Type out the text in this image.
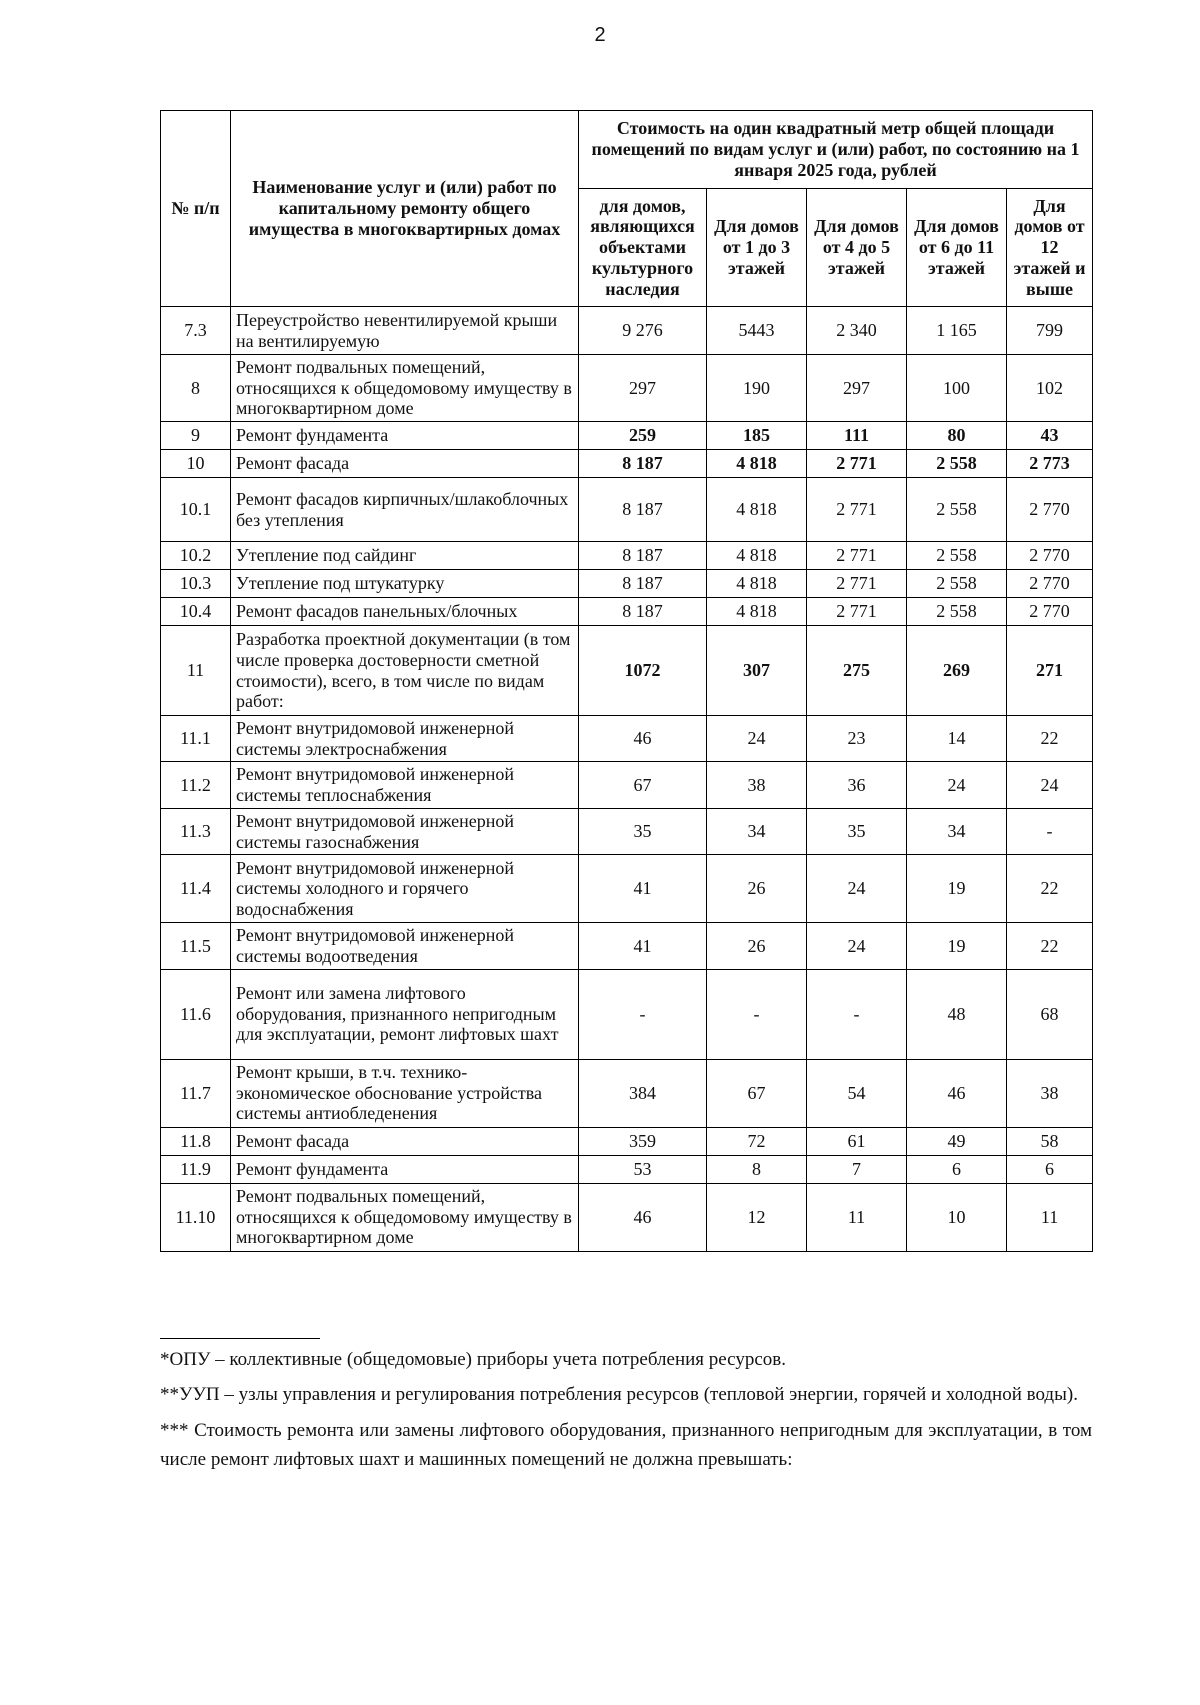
2
№ п/п	Наименование услуг и (или) работ по капитальному ремонту общего имущества в многоквартирных домах	Стоимость на один квадратный метр общей площади помещений по видам услуг и (или) работ, по состоянию на 1 января 2025 года, рублей				
		для домов, являющихся объектами культурного наследия	Для домов от 1 до 3 этажей	Для домов от 4 до 5 этажей	Для домов от 6 до 11 этажей	Для домов от 12 этажей и выше
7.3	Переустройство невентилируемой крыши на вентилируемую	9 276	5443	2 340	1 165	799
8	Ремонт подвальных помещений, относящихся к общедомовому имуществу в многоквартирном доме	297	190	297	100	102
9	Ремонт фундамента	259	185	111	80	43
10	Ремонт фасада	8 187	4 818	2 771	2 558	2 773
10.1	Ремонт фасадов кирпичных/шлакоблочных без утепления	8 187	4 818	2 771	2 558	2 770
10.2	Утепление под сайдинг	8 187	4 818	2 771	2 558	2 770
10.3	Утепление под штукатурку	8 187	4 818	2 771	2 558	2 770
10.4	Ремонт фасадов панельных/блочных	8 187	4 818	2 771	2 558	2 770
11	Разработка проектной документации (в том числе проверка достоверности сметной стоимости), всего, в том числе по видам работ:	1072	307	275	269	271
11.1	Ремонт внутридомовой инженерной системы электроснабжения	46	24	23	14	22
11.2	Ремонт внутридомовой инженерной системы теплоснабжения	67	38	36	24	24
11.3	Ремонт внутридомовой инженерной системы газоснабжения	35	34	35	34	-
11.4	Ремонт внутридомовой инженерной системы холодного и горячего водоснабжения	41	26	24	19	22
11.5	Ремонт внутридомовой инженерной системы водоотведения	41	26	24	19	22
11.6	Ремонт или замена лифтового оборудования, признанного непригодным для эксплуатации, ремонт лифтовых шахт	-	-	-	48	68
11.7	Ремонт крыши, в т.ч. технико-экономическое обоснование устройства системы антиобледенения	384	67	54	46	38
11.8	Ремонт фасада	359	72	61	49	58
11.9	Ремонт фундамента	53	8	7	6	6
11.10	Ремонт подвальных помещений, относящихся к общедомовому имуществу в многоквартирном доме	46	12	11	10	11

*ОПУ – коллективные (общедомовые) приборы учета потребления ресурсов.

**УУП – узлы управления и регулирования потребления ресурсов (тепловой энергии, горячей и холодной воды).

*** Стоимость ремонта или замены лифтового оборудования, признанного непригодным для эксплуатации, в том числе ремонт лифтовых шахт и машинных помещений не должна превышать:
